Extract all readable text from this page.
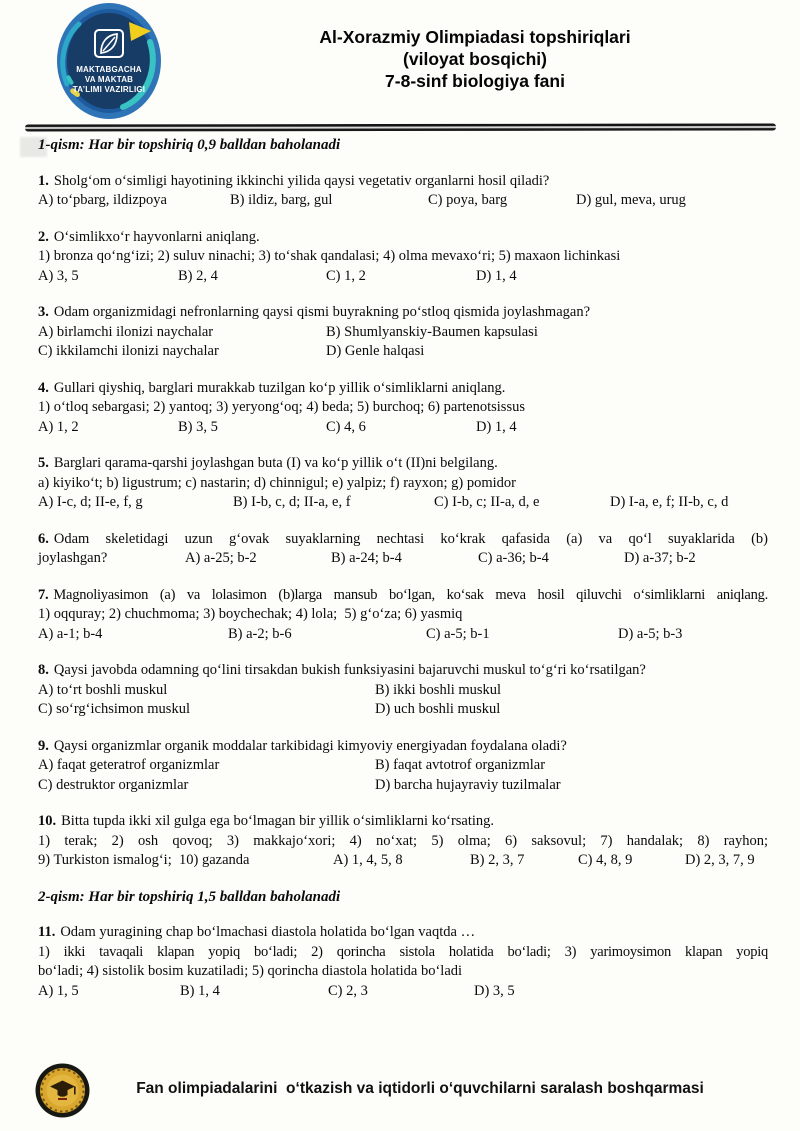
MAKTABGACHA
VA MAKTAB
TA’LIMI VAZIRLIGI
Al-Xorazmiy Olimpiadasi topshiriqlari
(viloyat bosqichi)
7-8-sinf biologiya fani

1-qism: Har bir topshiriq 0,9 balldan baholanadi

1. Sholg‘om o‘simligi hayotining ikkinchi yilida qaysi vegetativ organlarni hosil qiladi?

A) to‘pbarg, ildizpoya	B) ildiz, barg, gul	C) poya, barg	D) gul, meva, urug

2. O‘simlikxo‘r hayvonlarni aniqlang.

1) bronza qo‘ng‘izi; 2) suluv ninachi; 3) to‘shak qandalasi; 4) olma mevaxo‘ri; 5) maxaon lichinkasi

A) 3, 5	B) 2, 4	C) 1, 2	D) 1, 4

3. Odam organizmidagi nefronlarning qaysi qismi buyrakning po‘stloq qismida joylashmagan?

A) birlamchi ilonizi naychalar	B) Shumlyanskiy-Baumen kapsulasi
C) ikkilamchi ilonizi naychalar	D) Genle halqasi

4. Gullari qiyshiq, barglari murakkab tuzilgan ko‘p yillik o‘simliklarni aniqlang.

1) o‘tloq sebargasi; 2) yantoq; 3) yeryong‘oq; 4) beda; 5) burchoq; 6) partenotsissus

A) 1, 2	B) 3, 5	C) 4, 6	D) 1, 4

5. Barglari qarama-qarshi joylashgan buta (I) va ko‘p yillik o‘t (II)ni belgilang.

a) kiyiko‘t; b) ligustrum; c) nastarin; d) chinnigul; e) yalpiz; f) rayxon; g) pomidor

A) I-c, d; II-e, f, g	B) I-b, c, d; II-a, e, f	C) I-b, c; II-a, d, e	D) I-a, e, f; II-b, c, d

6. Odam skeletidagi uzun g‘ovak suyaklarning nechtasi ko‘krak qafasida (a) va qo‘l suyaklarida (b)

joylashgan?	A) a-25; b-2	B) a-24; b-4	C) a-36; b-4	D) a-37; b-2

7. Magnoliyasimon (a) va lolasimon (b)larga mansub bo‘lgan, ko‘sak meva hosil qiluvchi o‘simliklarni aniqlang.

1) oqquray; 2) chuchmoma; 3) boychechak; 4) lola;  5) g‘o‘za; 6) yasmiq

A) a-1; b-4	B) a-2; b-6	C) a-5; b-1	D) a-5; b-3

8. Qaysi javobda odamning qo‘lini tirsakdan bukish funksiyasini bajaruvchi muskul to‘g‘ri ko‘rsatilgan?

A) to‘rt boshli muskul	B) ikki boshli muskul
C) so‘rg‘ichsimon muskul	D) uch boshli muskul

9. Qaysi organizmlar organik moddalar tarkibidagi kimyoviy energiyadan foydalana oladi?

A) faqat geteratrof organizmlar	B) faqat avtotrof organizmlar
C) destruktor organizmlar	D) barcha hujayraviy tuzilmalar

10. Bitta tupda ikki xil gulga ega bo‘lmagan bir yillik o‘simliklarni ko‘rsating.

1) terak; 2) osh qovoq; 3) makkajo‘xori; 4) no‘xat; 5) olma; 6) saksovul; 7) handalak; 8) rayhon;

9) Turkiston ismalog‘i;  10) gazanda	A) 1, 4, 5, 8	B) 2, 3, 7	C) 4, 8, 9	D) 2, 3, 7, 9

2-qism: Har bir topshiriq 1,5 balldan baholanadi

11. Odam yuragining chap bo‘lmachasi diastola holatida bo‘lgan vaqtda …

1) ikki tavaqali klapan yopiq bo‘ladi; 2) qorincha sistola holatida bo‘ladi; 3) yarimoysimon klapan yopiq

bo‘ladi; 4) sistolik bosim kuzatiladi; 5) qorincha diastola holatida bo‘ladi

A) 1, 5	B) 1, 4	C) 2, 3	D) 3, 5
Fan olimpiadalarini  o‘tkazish va iqtidorli o‘quvchilarni saralash boshqarmasi
